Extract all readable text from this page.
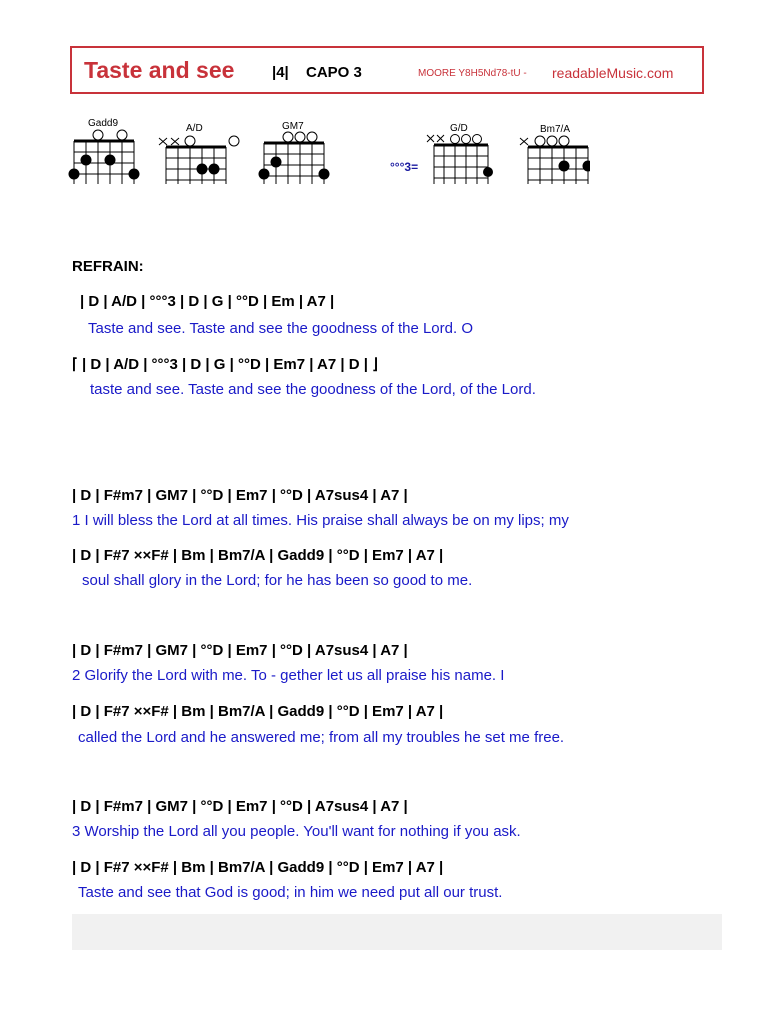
Taste and see	|4| CAPO 3	MOORE Y8H5Nd78-tU - readableMusic.com
Gadd9	A/D	GM7
°°°3=
G/D	Bm7/A
REFRAIN:
| D | A/D | °°°3 | D | G | °°D | Em | A7 |
Taste and see. Taste and see the goodness of the Lord. O
⌈ | D | A/D | °°°3 | D | G | °°D | Em7 | A7 | D | ⌋
taste and see. Taste and see the goodness of the Lord, of the Lord.
| D | F#m7 | GM7 | °°D | Em7 | °°D | A7sus4 | A7 |
1 I will bless the Lord at all times. His praise shall always be on my lips; my
| D | F#7 ××F# | Bm | Bm7/A | Gadd9 | °°D | Em7 | A7 |
soul shall glory in the Lord; for he has been so good to me.
| D | F#m7 | GM7 | °°D | Em7 | °°D | A7sus4 | A7 |
2 Glorify the Lord with me. To - gether let us all praise his name. I
| D | F#7 ××F# | Bm | Bm7/A | Gadd9 | °°D | Em7 | A7 |
called the Lord and he answered me; from all my troubles he set me free.
| D | F#m7 | GM7 | °°D | Em7 | °°D | A7sus4 | A7 |
3 Worship the Lord all you people. You'll want for nothing if you ask.
| D | F#7 ××F# | Bm | Bm7/A | Gadd9 | °°D | Em7 | A7 |
Taste and see that God is good; in him we need put all our trust.
